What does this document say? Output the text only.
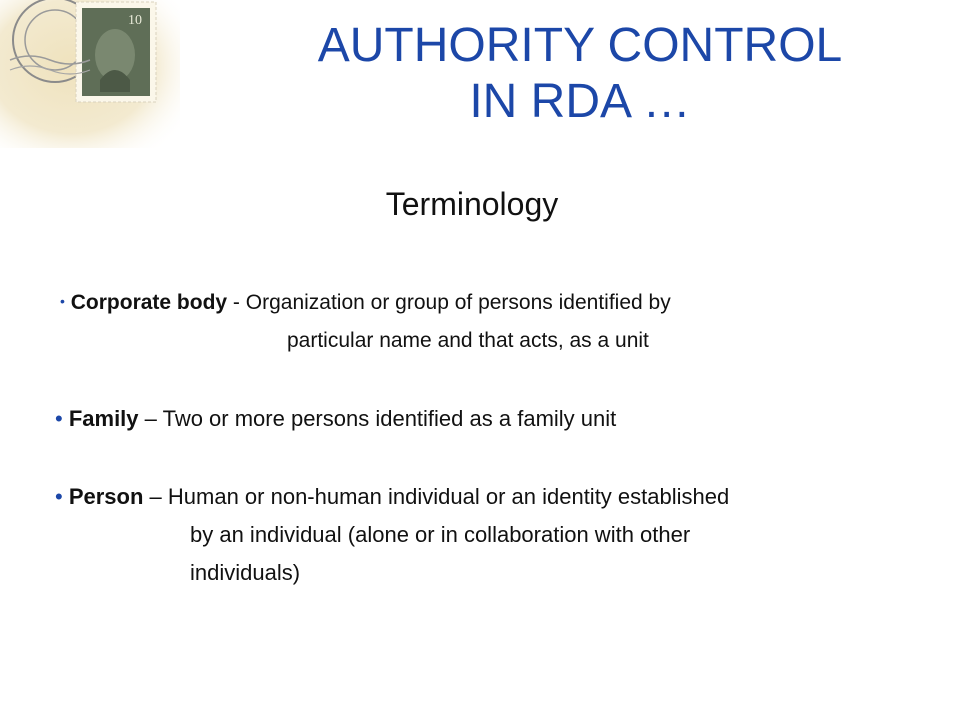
10	AUTHORITY CONTROL
IN RDA …
Terminology
• Corporate body - Organization or group of persons identified by
particular name and that acts, as a unit
• Family – Two or more persons identified as a family unit
• Person – Human or non-human individual or an identity established
by an individual (alone or in collaboration with other
individuals)
